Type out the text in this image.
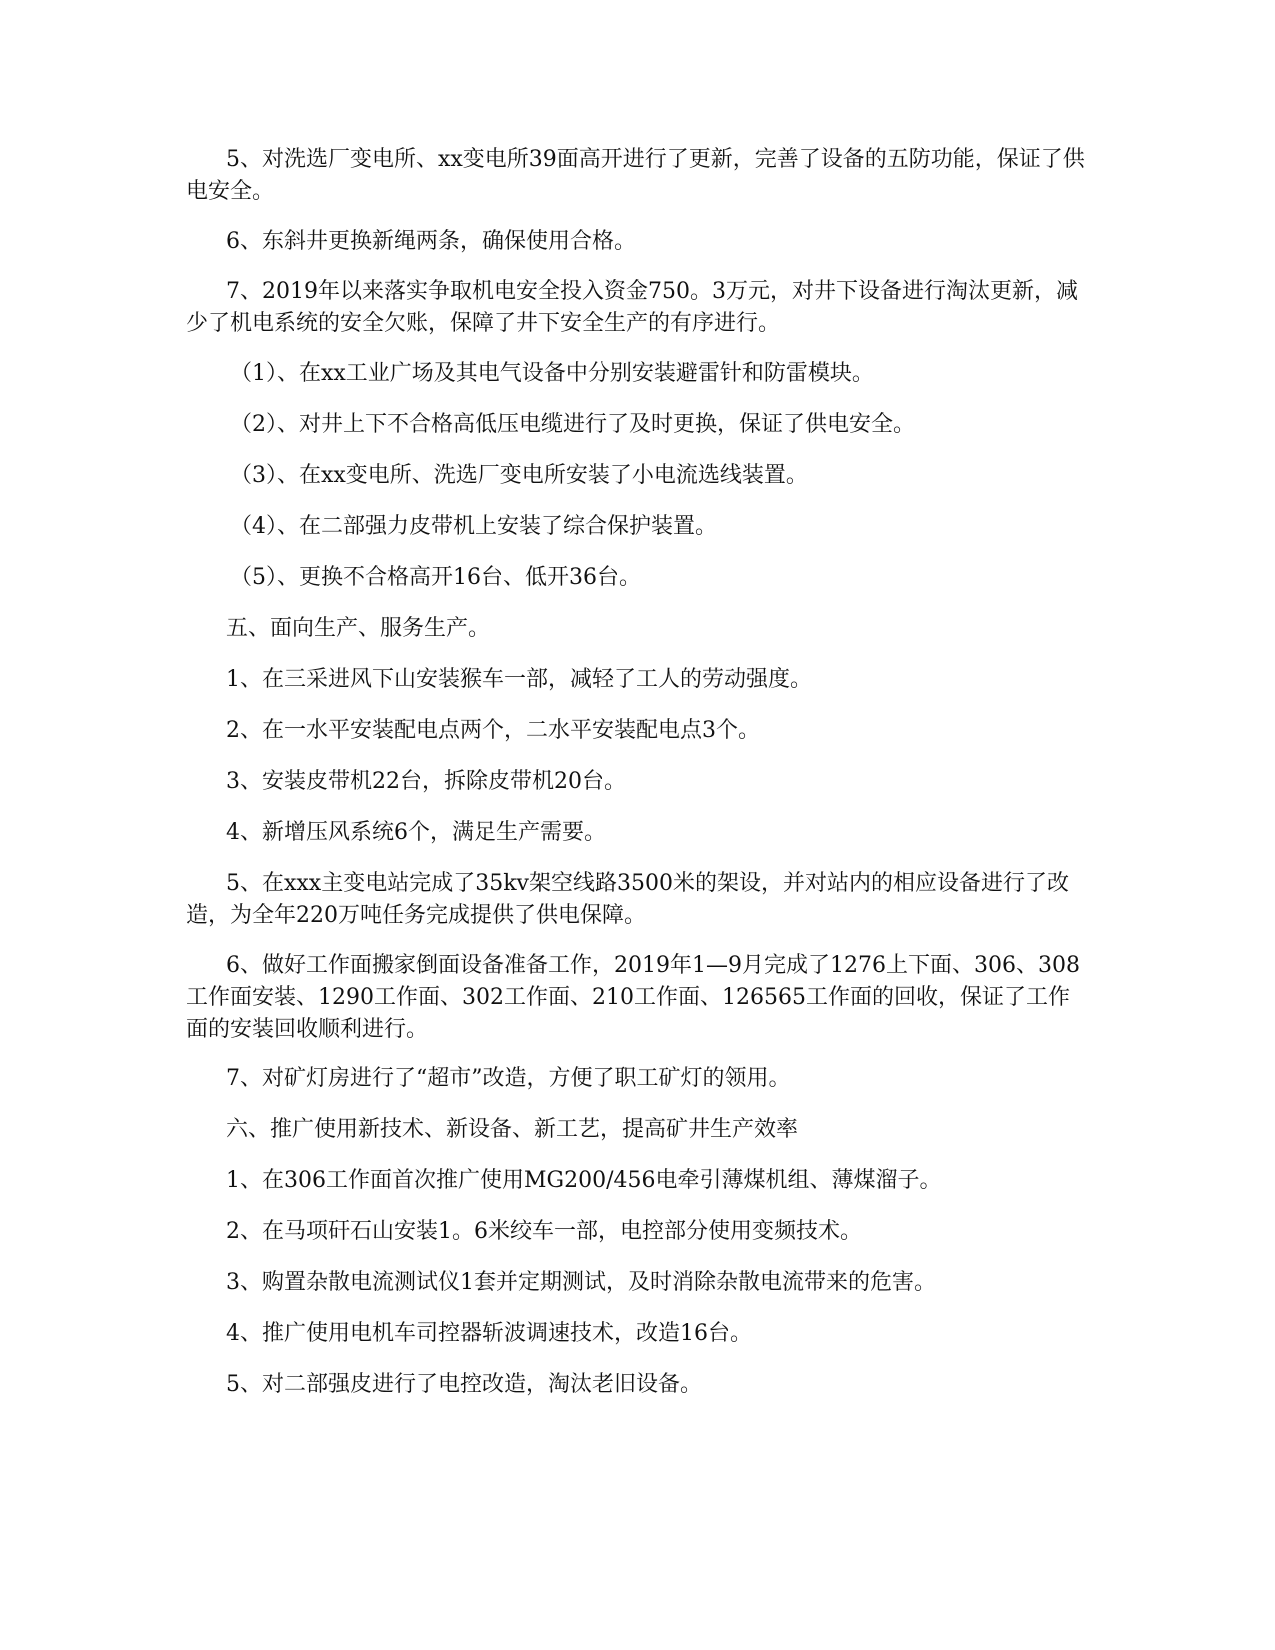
5、对洗选厂变电所、xx变电所39面高开进行了更新，完善了设备的五防功能，保证了供电安全。

6、东斜井更换新绳两条，确保使用合格。

7、2019年以来落实争取机电安全投入资金750。3万元，对井下设备进行淘汰更新，减少了机电系统的安全欠账，保障了井下安全生产的有序进行。

（1）、在xx工业广场及其电气设备中分别安装避雷针和防雷模块。

（2）、对井上下不合格高低压电缆进行了及时更换，保证了供电安全。

（3）、在xx变电所、洗选厂变电所安装了小电流选线装置。

（4）、在二部强力皮带机上安装了综合保护装置。

（5）、更换不合格高开16台、低开36台。

五、面向生产、服务生产。

1、在三采进风下山安装猴车一部，减轻了工人的劳动强度。

2、在一水平安装配电点两个，二水平安装配电点3个。

3、安装皮带机22台，拆除皮带机20台。

4、新增压风系统6个，满足生产需要。

5、在xxx主变电站完成了35kv架空线路3500米的架设，并对站内的相应设备进行了改造，为全年220万吨任务完成提供了供电保障。

6、做好工作面搬家倒面设备准备工作，2019年1—9月完成了1276上下面、306、308工作面安装、1290工作面、302工作面、210工作面、126565工作面的回收，保证了工作面的安装回收顺利进行。

7、对矿灯房进行了“超市”改造，方便了职工矿灯的领用。

六、推广使用新技术、新设备、新工艺，提高矿井生产效率

1、在306工作面首次推广使用MG200/456电牵引薄煤机组、薄煤溜子。

2、在马项矸石山安装1。6米绞车一部，电控部分使用变频技术。

3、购置杂散电流测试仪1套并定期测试，及时消除杂散电流带来的危害。

4、推广使用电机车司控器斩波调速技术，改造16台。

5、对二部强皮进行了电控改造，淘汰老旧设备。
